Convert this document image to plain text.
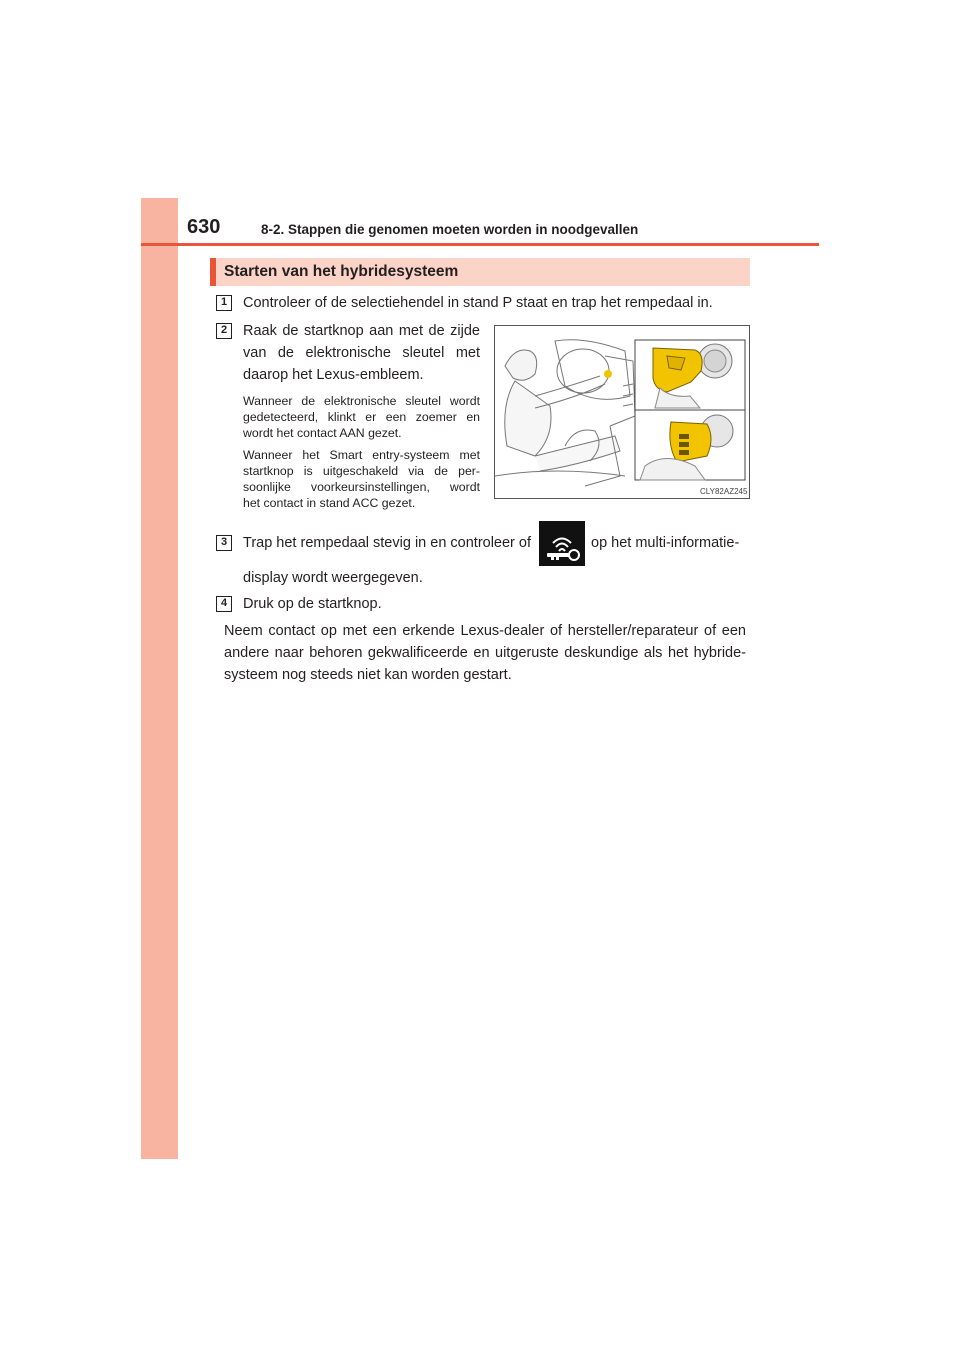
630	8-2. Stappen die genomen moeten worden in noodgevallen
Starten van het hybridesysteem
1	Controleer of de selectiehendel in stand P staat en trap het rempedaal in.
2	Raak de startknop aan met de zijde
van de elektronische sleutel met
daarop het Lexus-embleem.
Wanneer de elektronische sleutel wordt
gedetecteerd, klinkt er een zoemer en
wordt het contact AAN gezet.
Wanneer het Smart entry-systeem met
startknop is uitgeschakeld via de per-
soonlijke voorkeursinstellingen, wordt
het contact in stand ACC gezet.
CLY82AZ245
3	Trap het rempedaal stevig in en controleer of	op het multi-informatie-
display wordt weergegeven.
4	Druk op de startknop.
Neem contact op met een erkende Lexus-dealer of hersteller/reparateur of een
andere naar behoren gekwalificeerde en uitgeruste deskundige als het hybride-
systeem nog steeds niet kan worden gestart.
